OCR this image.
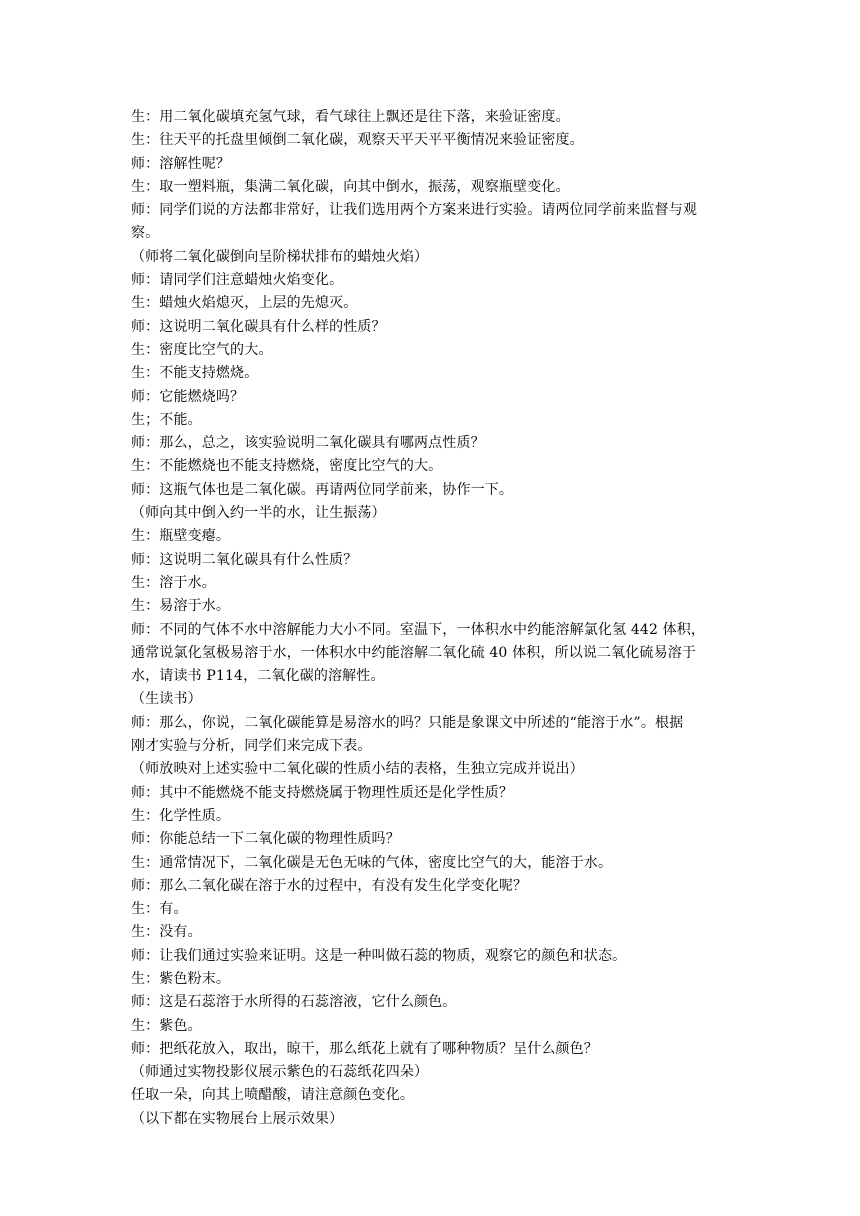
生：用二氧化碳填充氢气球，看气球往上飘还是往下落，来验证密度。
生：往天平的托盘里倾倒二氧化碳，观察天平天平平衡情况来验证密度。
师：溶解性呢？
生：取一塑料瓶，集满二氧化碳，向其中倒水，振荡，观察瓶壁变化。
师：同学们说的方法都非常好，让我们选用两个方案来进行实验。请两位同学前来监督与观
察。
（师将二氧化碳倒向呈阶梯状排布的蜡烛火焰）
师：请同学们注意蜡烛火焰变化。
生：蜡烛火焰熄灭，上层的先熄灭。
师：这说明二氧化碳具有什么样的性质？
生：密度比空气的大。
生：不能支持燃烧。
师：它能燃烧吗？
生；不能。
师：那么，总之，该实验说明二氧化碳具有哪两点性质？
生：不能燃烧也不能支持燃烧，密度比空气的大。
师：这瓶气体也是二氧化碳。再请两位同学前来，协作一下。
（师向其中倒入约一半的水，让生振荡）
生：瓶壁变瘪。
师：这说明二氧化碳具有什么性质？
生：溶于水。
生：易溶于水。
师：不同的气体不水中溶解能力大小不同。室温下，一体积水中约能溶解氯化氢 442 体积，
通常说氯化氢极易溶于水，一体积水中约能溶解二氧化硫 40 体积，所以说二氧化硫易溶于
水，请读书 P114，二氧化碳的溶解性。
（生读书）
师：那么，你说，二氧化碳能算是易溶水的吗？只能是象课文中所述的“能溶于水”。根据
刚才实验与分析，同学们来完成下表。
（师放映对上述实验中二氧化碳的性质小结的表格，生独立完成并说出）
师：其中不能燃烧不能支持燃烧属于物理性质还是化学性质？
生：化学性质。
师：你能总结一下二氧化碳的物理性质吗？
生：通常情况下，二氧化碳是无色无味的气体，密度比空气的大，能溶于水。
师：那么二氧化碳在溶于水的过程中，有没有发生化学变化呢？
生：有。
生：没有。
师：让我们通过实验来证明。这是一种叫做石蕊的物质，观察它的颜色和状态。
生：紫色粉末。
师：这是石蕊溶于水所得的石蕊溶液，它什么颜色。
生：紫色。
师：把纸花放入，取出，晾干，那么纸花上就有了哪种物质？呈什么颜色？
（师通过实物投影仪展示紫色的石蕊纸花四朵）
任取一朵，向其上喷醋酸，请注意颜色变化。
（以下都在实物展台上展示效果）
